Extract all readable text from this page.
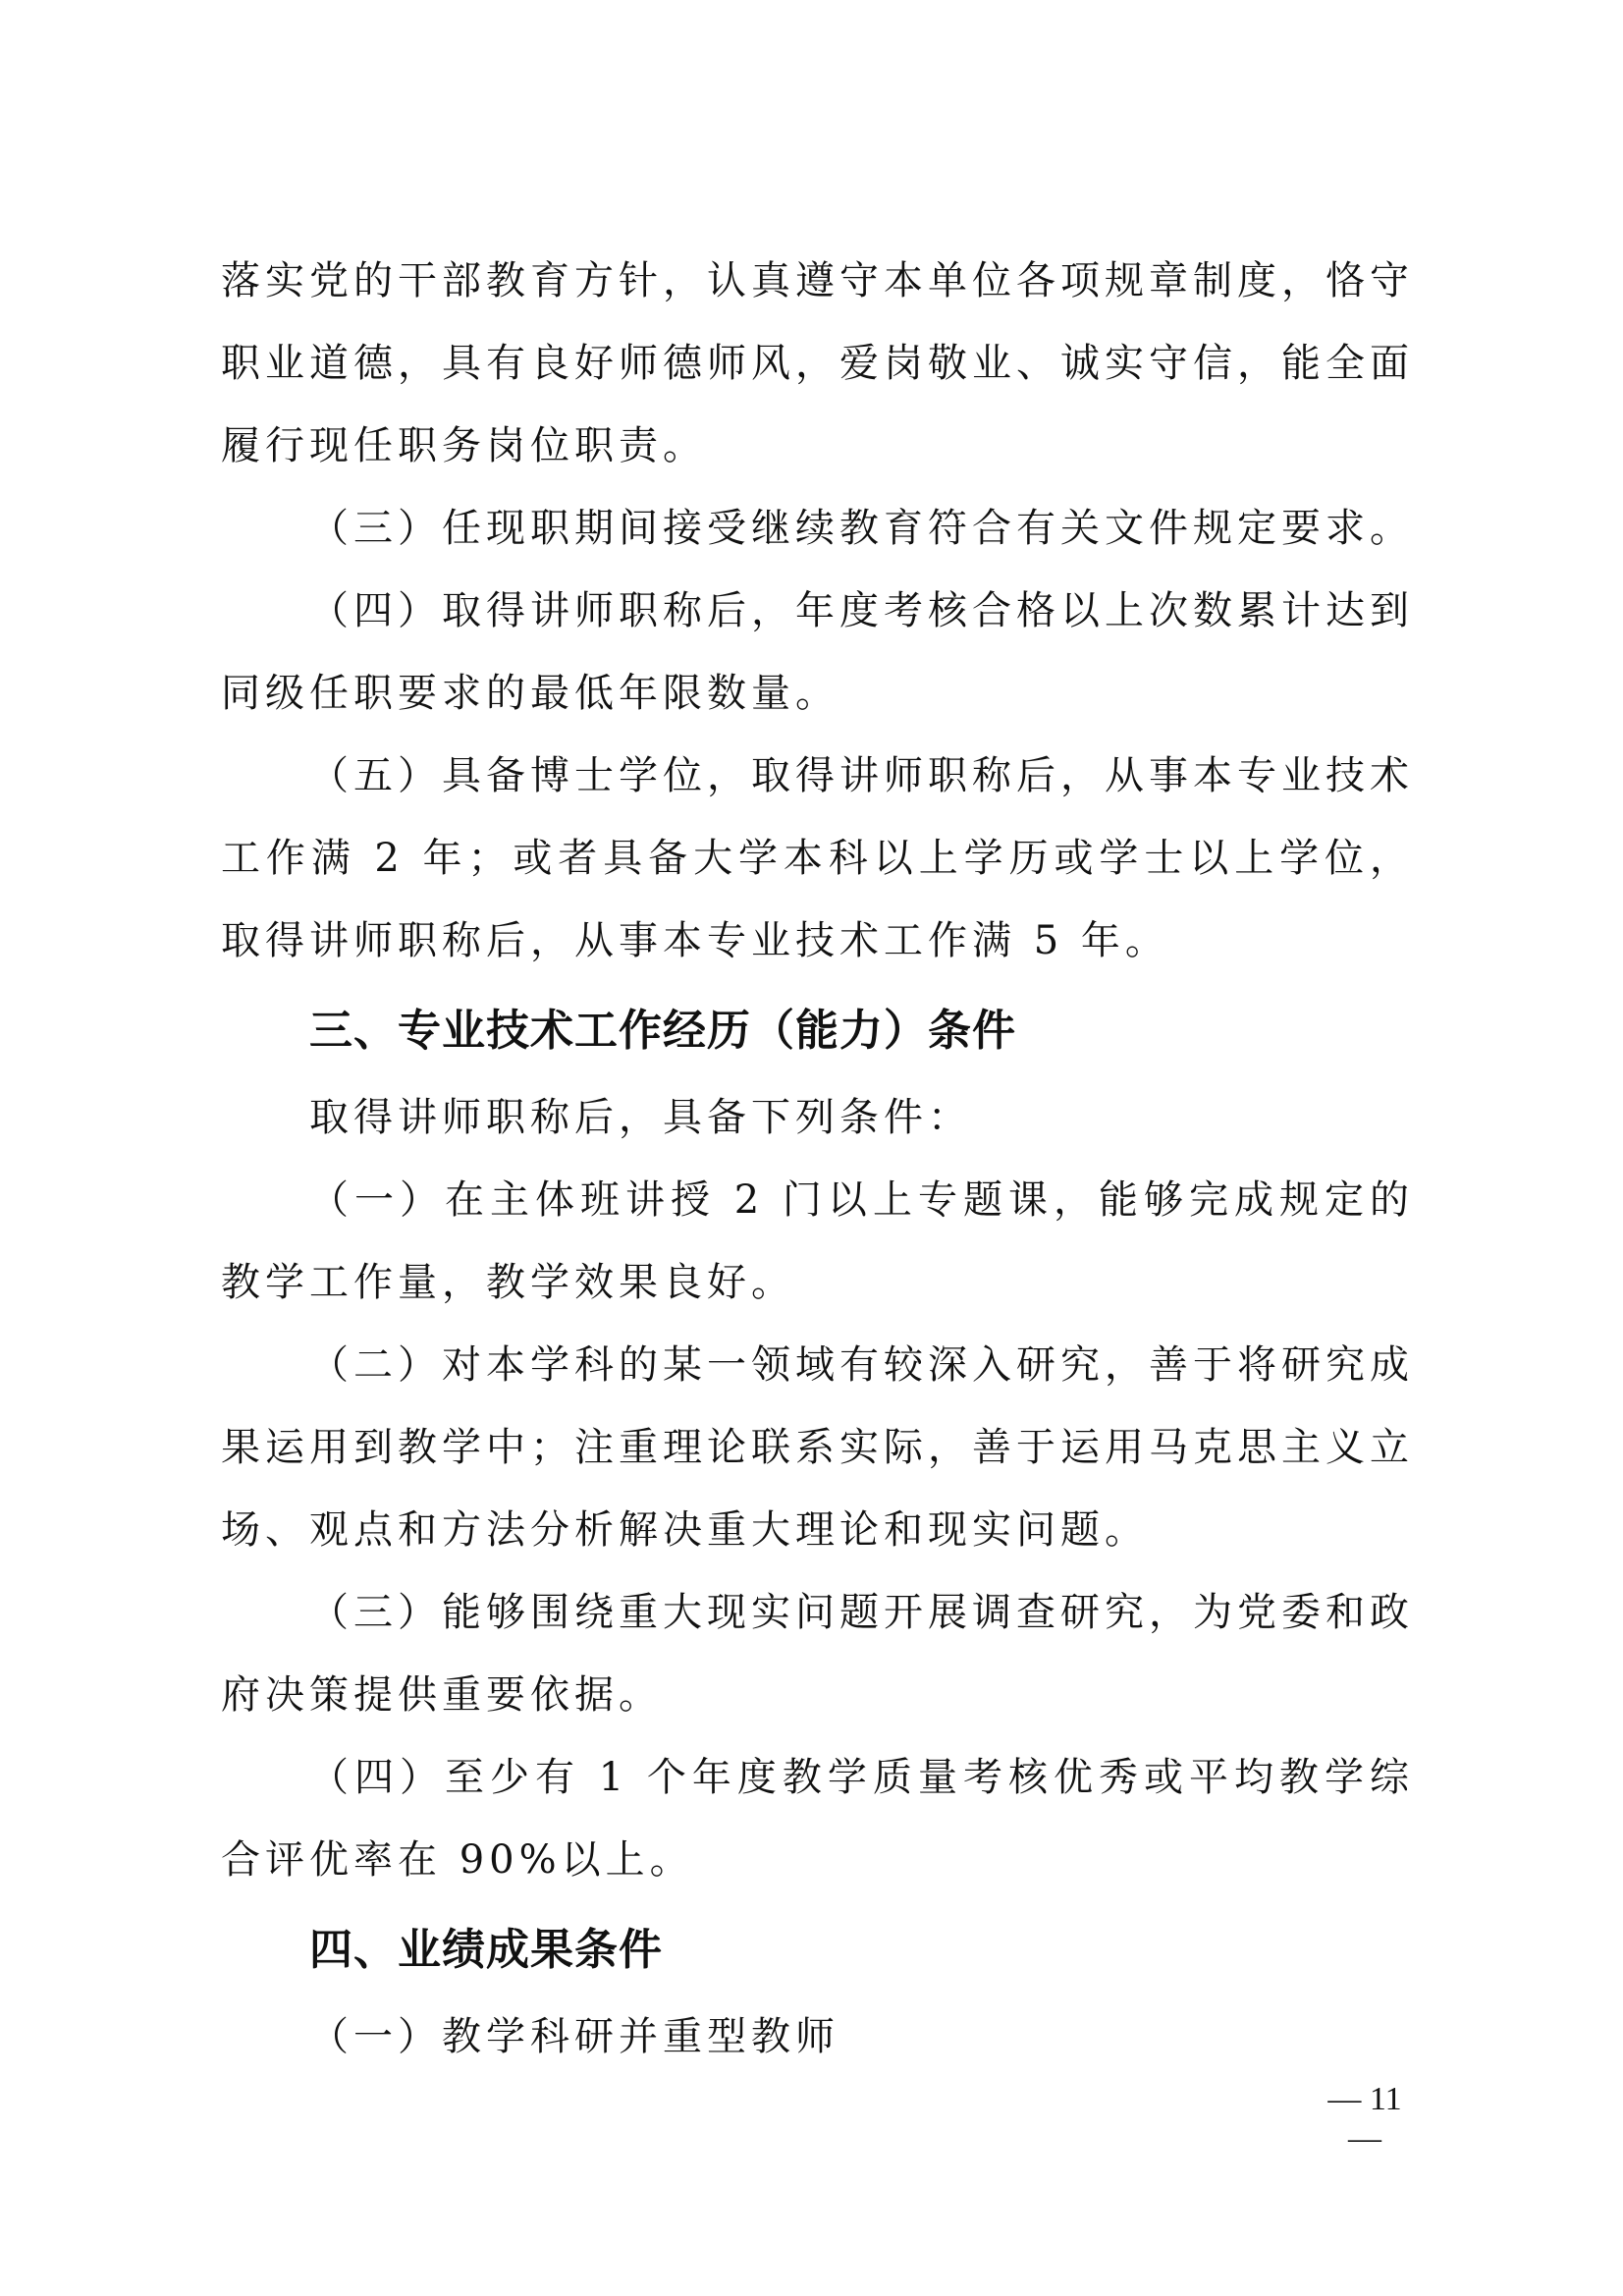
落实党的干部教育方针，认真遵守本单位各项规章制度，恪守职业道德，具有良好师德师风，爱岗敬业、诚实守信，能全面履行现任职务岗位职责。

（三）任现职期间接受继续教育符合有关文件规定要求。

（四）取得讲师职称后，年度考核合格以上次数累计达到同级任职要求的最低年限数量。

（五）具备博士学位，取得讲师职称后，从事本专业技术工作满 2 年；或者具备大学本科以上学历或学士以上学位，取得讲师职称后，从事本专业技术工作满 5 年。

三、专业技术工作经历（能力）条件

取得讲师职称后，具备下列条件：

（一）在主体班讲授 2 门以上专题课，能够完成规定的教学工作量，教学效果良好。

（二）对本学科的某一领域有较深入研究，善于将研究成果运用到教学中；注重理论联系实际，善于运用马克思主义立场、观点和方法分析解决重大理论和现实问题。

（三）能够围绕重大现实问题开展调查研究，为党委和政府决策提供重要依据。

（四）至少有 1 个年度教学质量考核优秀或平均教学综合评优率在 90%以上。

四、业绩成果条件

（一）教学科研并重型教师

— 11 —
